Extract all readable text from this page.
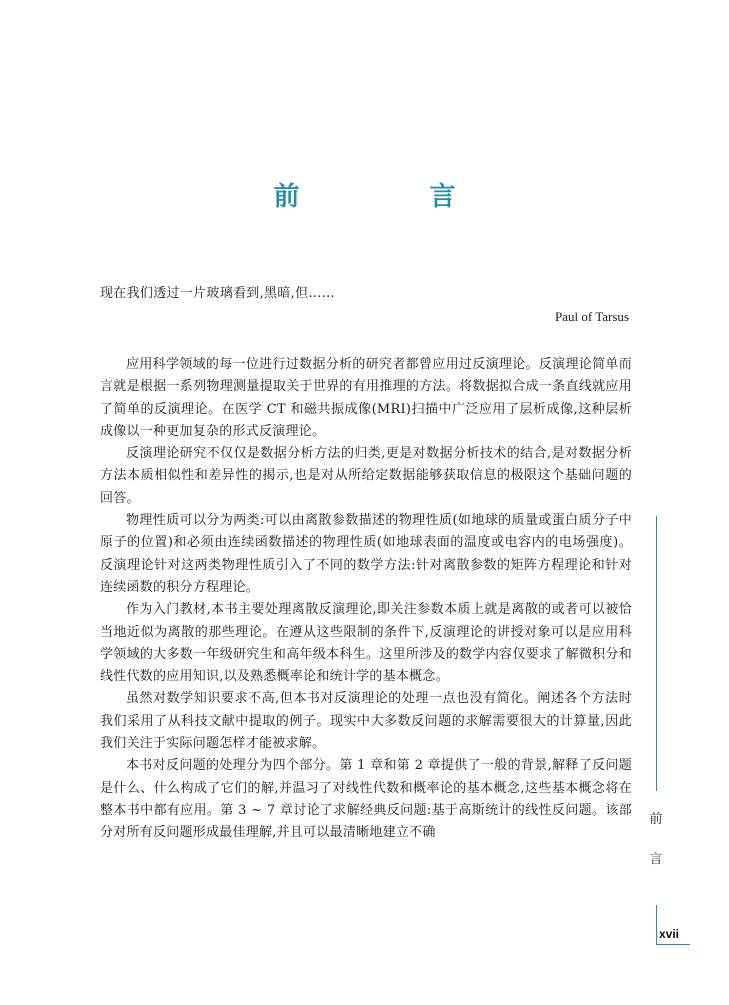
前　言
现在我们透过一片玻璃看到,黑暗,但……
Paul of Tarsus

应用科学领域的每一位进行过数据分析的研究者都曾应用过反演理论。反演理论简单而言就是根据一系列物理测量提取关于世界的有用推理的方法。将数据拟合成一条直线就应用了简单的反演理论。在医学 CT 和磁共振成像(MRI)扫描中广泛应用了层析成像,这种层析成像以一种更加复杂的形式反演理论。

反演理论研究不仅仅是数据分析方法的归类,更是对数据分析技术的结合,是对数据分析方法本质相似性和差异性的揭示,也是对从所给定数据能够获取信息的极限这个基础问题的回答。

物理性质可以分为两类:可以由离散参数描述的物理性质(如地球的质量或蛋白质分子中原子的位置)和必须由连续函数描述的物理性质(如地球表面的温度或电容内的电场强度)。反演理论针对这两类物理性质引入了不同的数学方法:针对离散参数的矩阵方程理论和针对连续函数的积分方程理论。

作为入门教材,本书主要处理离散反演理论,即关注参数本质上就是离散的或者可以被恰当地近似为离散的那些理论。在遵从这些限制的条件下,反演理论的讲授对象可以是应用科学领域的大多数一年级研究生和高年级本科生。这里所涉及的数学内容仅要求了解微积分和线性代数的应用知识,以及熟悉概率论和统计学的基本概念。

虽然对数学知识要求不高,但本书对反演理论的处理一点也没有简化。阐述各个方法时我们采用了从科技文献中提取的例子。现实中大多数反问题的求解需要很大的计算量,因此我们关注于实际问题怎样才能被求解。

本书对反问题的处理分为四个部分。第 1 章和第 2 章提供了一般的背景,解释了反问题是什么、什么构成了它们的解,并温习了对线性代数和概率论的基本概念,这些基本概念将在整本书中都有应用。第 3 ~ 7 章讨论了求解经典反问题:基于高斯统计的线性反问题。该部分对所有反问题形成最佳理解,并且可以最清晰地建立不确

前
言
xvii
